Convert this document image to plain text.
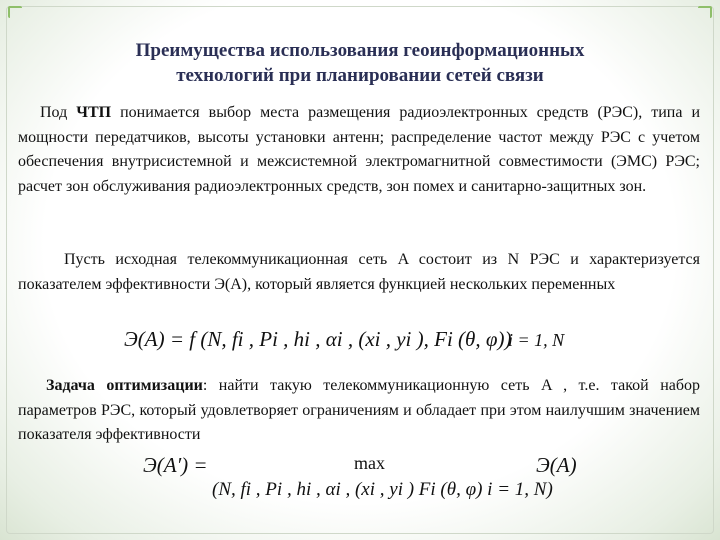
Преимущества использования геоинформационных
технологий при планировании сетей связи
Под ЧТП понимается выбор места размещения радиоэлектронных средств (РЭС), типа и мощности передатчиков, высоты установки антенн; распределение частот между РЭС с учетом обеспечения внутрисистемной и межсистемной электромагнитной совместимости (ЭМС) РЭС; расчет зон обслуживания радиоэлектронных средств, зон помех и санитарно-защитных зон.
Пусть исходная телекоммуникационная сеть A состоит из N РЭС и характеризуется показателем эффективности Э(A), который является функцией нескольких переменных
Э(A) = f (N, fi , Pi , hi , αi , (xi , yi ), Fi (θ, φ))
i = 1, N
Задача оптимизации: найти такую телекоммуникационную сеть A , т.е. такой набор параметров РЭС, который удовлетворяет ограничениям и обладает при этом наилучшим значением показателя эффективности
Э(A′) =	max	Э(A)
(N, fi , Pi , hi , αi , (xi , yi ) Fi (θ, φ) i = 1, N)
